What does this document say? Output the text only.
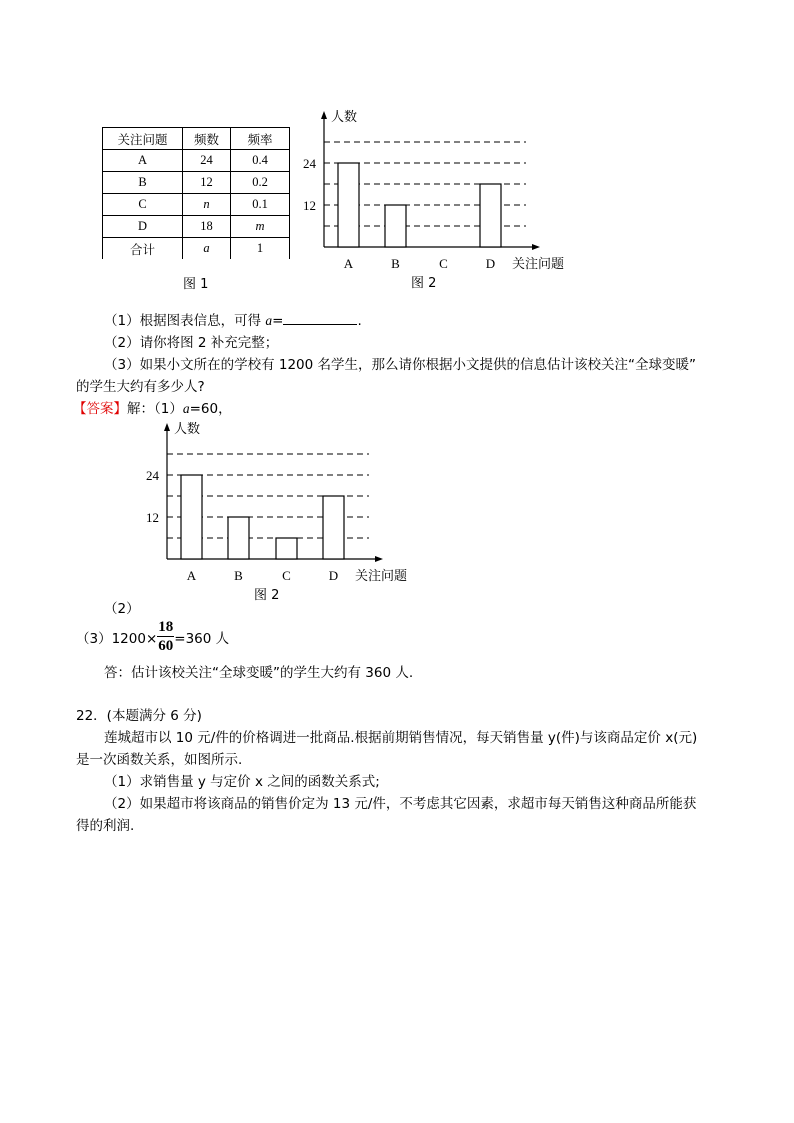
关注问题	频数	频率
A	24	0.4
B	12	0.2
C	n	0.1
D	18	m
合计	a	1
图 1
人数
12
24
A	B	C	D 关注问题
图 2
（1）根据图表信息，可得 a=	.
（2）请你将图 2 补充完整；
（3）如果小文所在的学校有 1200 名学生，那么请你根据小文提供的信息估计该校关注“全球变暖”
的学生大约有多少人?
【答案】解：（1）a=60，
人数
12
24
A	B	C	D 关注问题
图 2
（2）
$(3)1200\times \frac{18}{60} =360$ 人
答：估计该校关注“全球变暖”的学生大约有 360 人.
22．(本题满分 6 分)
莲城超市以 10 元/件的价格调进一批商品.根据前期销售情况，每天销售量 y(件)与该商品定价 x(元)
是一次函数关系，如图所示.
（1）求销售量 y 与定价 x 之间的函数关系式;
（2）如果超市将该商品的销售价定为 13 元/件，不考虑其它因素，求超市每天销售这种商品所能获
得的利润.
